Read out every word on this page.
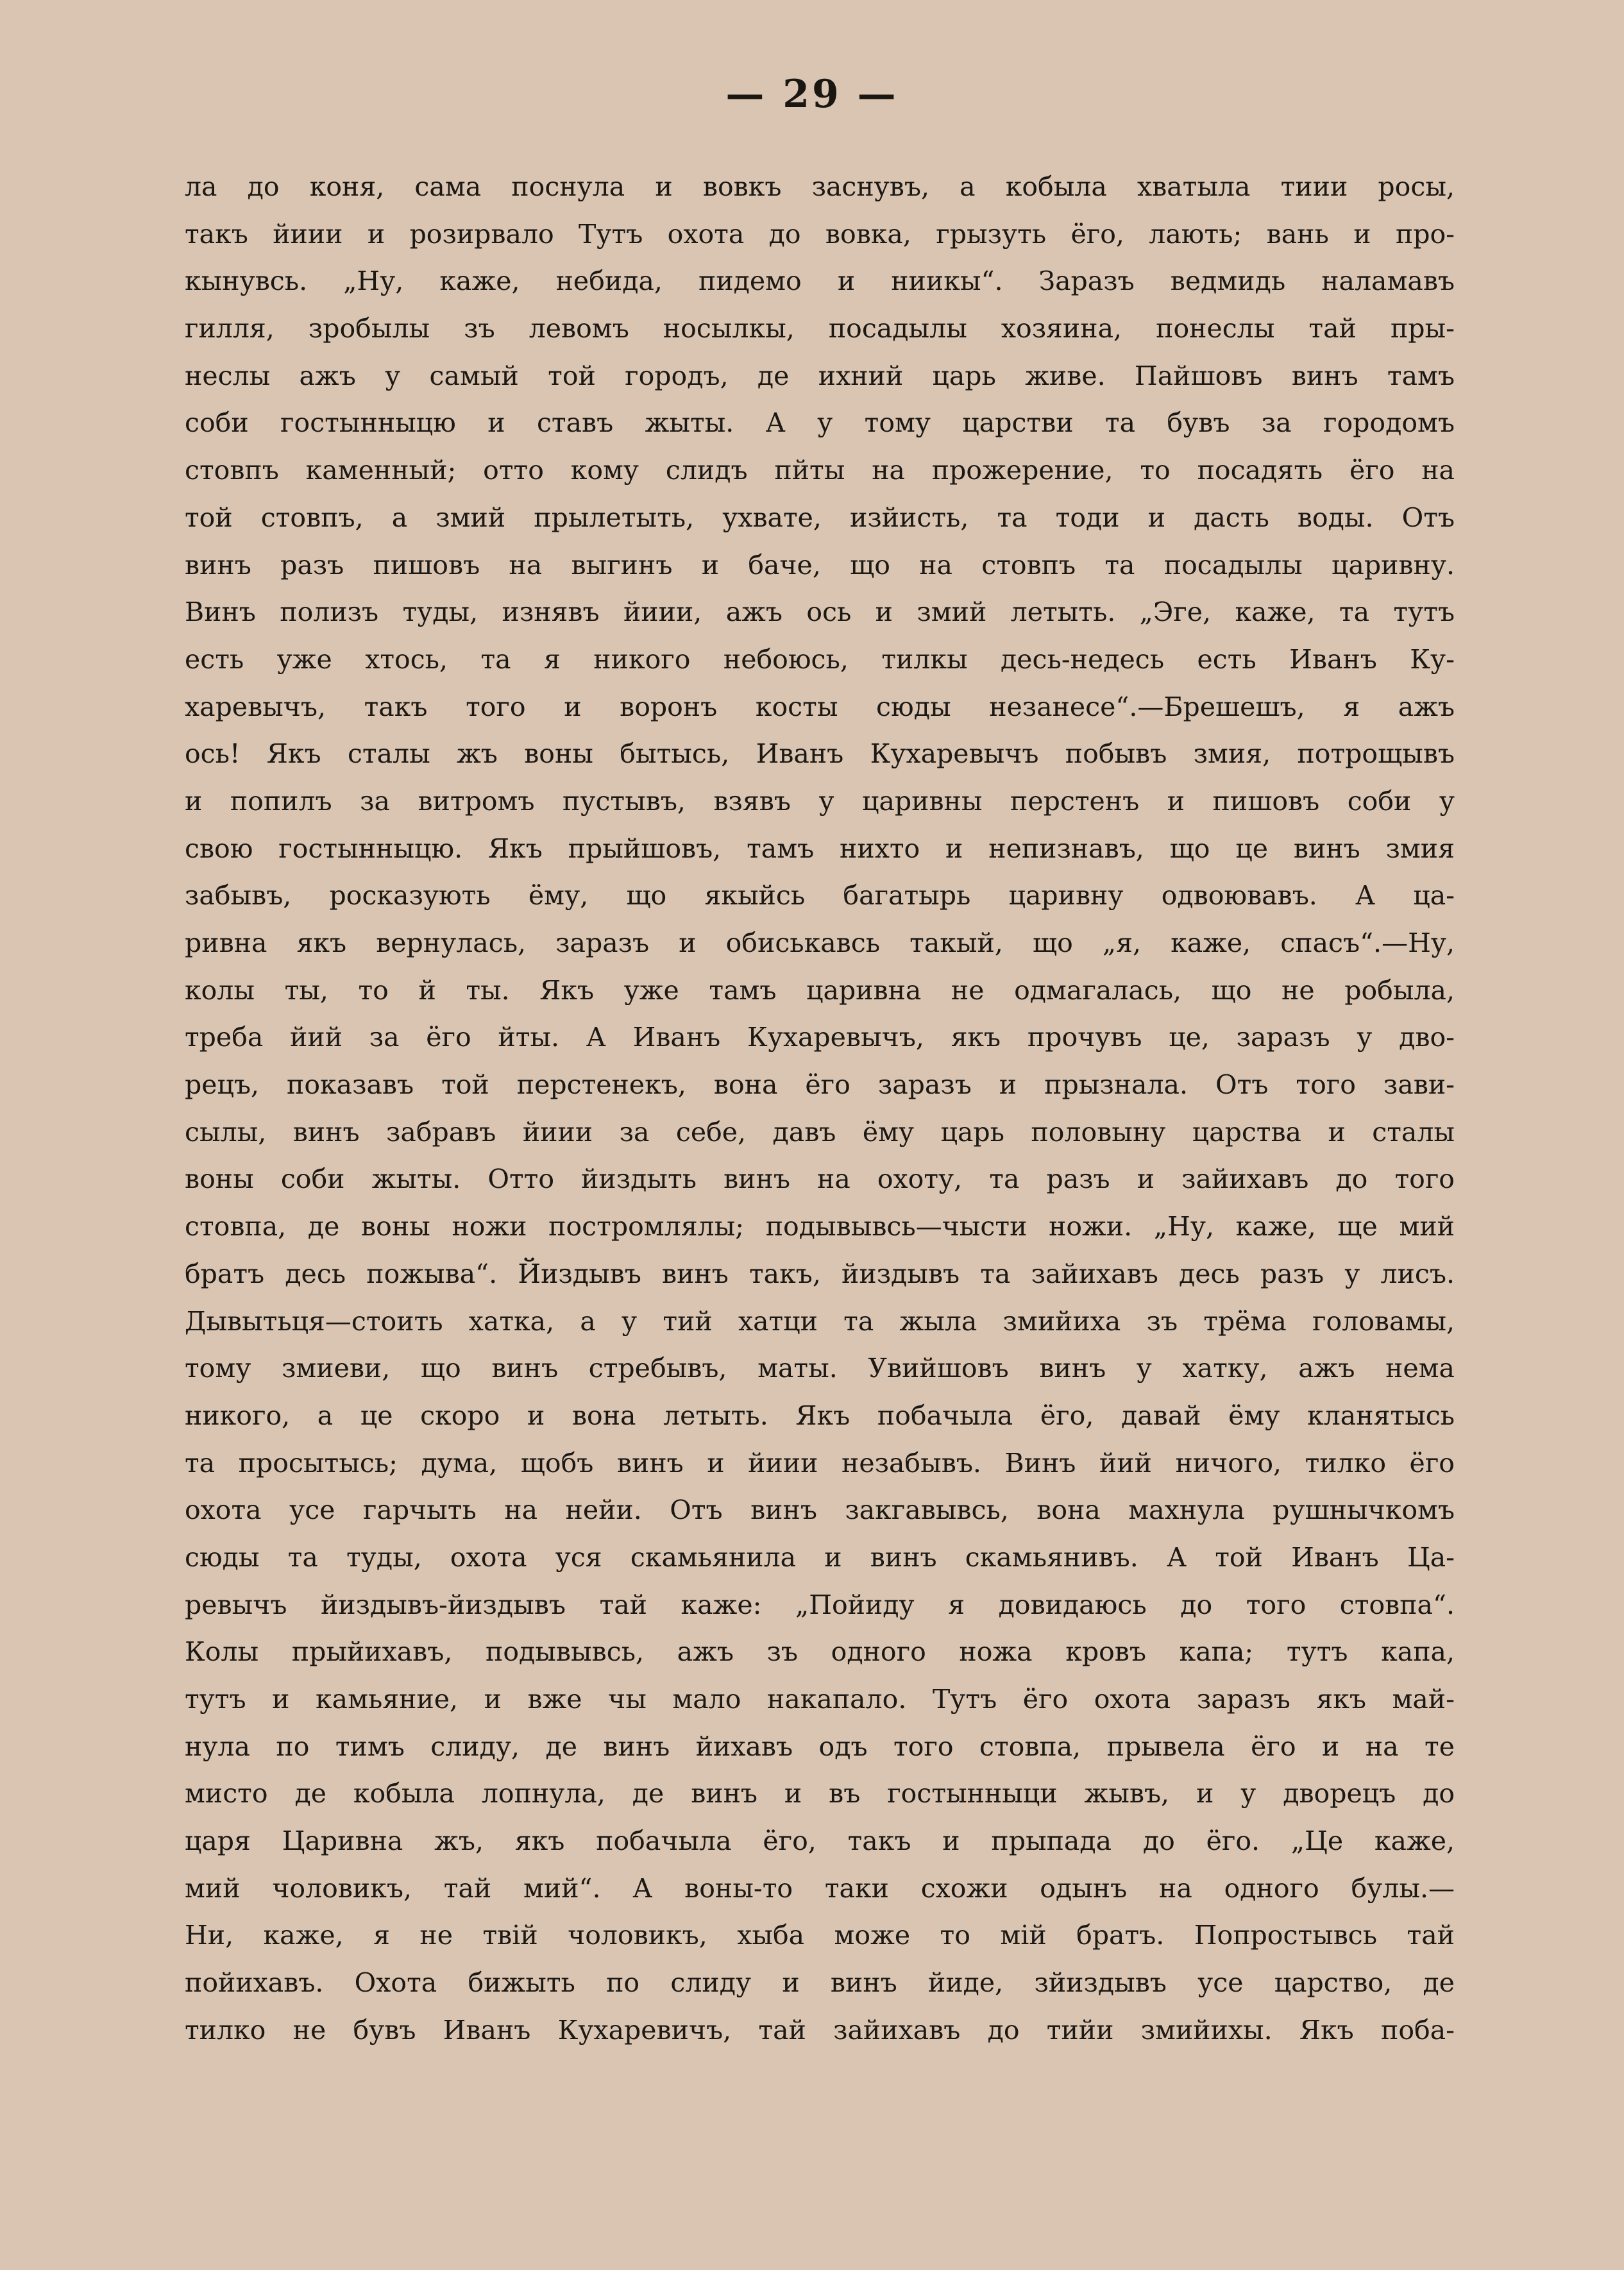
— 29 —
ла до коня, сама поснула и вовкъ заснувъ, а кобыла хватыла тиии росы,
такъ йиии и розирвало Тутъ охота до вовка, грызуть ёго, лають; вань и про-
кынувсь. „Ну, каже, небида, пидемо и ниикы“. Заразъ ведмидь наламавъ
гилля, зробылы зъ левомъ носылкы, посадылы хозяина, понеслы тай пры-
неслы ажъ у самый той городъ, де ихний царь живе. Пайшовъ винъ тамъ
соби гостынныцю и ставъ жыты. А у тому царстви та бувъ за городомъ
стовпъ каменный; отто кому слидъ пйты на прожерение, то посадять ёго на
той стовпъ, а змий прылетыть, ухвате, изйисть, та тоди и дасть воды. Отъ
винъ разъ пишовъ на выгинъ и баче, що на стовпъ та посадылы царивну.
Винъ полизъ туды, изнявъ йиии, ажъ ось и змий летыть. „Эге, каже, та тутъ
есть уже хтось, та я никого небоюсь, тилкы десь-недесь есть Иванъ Ку-
харевычъ, такъ того и воронъ косты сюды незанесе“.—Брешешъ, я ажъ
ось! Якъ сталы жъ воны бытысь, Иванъ Кухаревычъ побывъ змия, потрощывъ
и попилъ за витромъ пустывъ, взявъ у царивны перстенъ и пишовъ соби у
свою гостынныцю. Якъ прыйшовъ, тамъ нихто и непизнавъ, що це винъ змия
забывъ, росказують ёму, що якыйсь багатырь царивну одвоювавъ. А ца-
ривна якъ вернулась, заразъ и обиськавсь такый, що „я, каже, спасъ“.—Ну,
колы ты, то й ты. Якъ уже тамъ царивна не одмагалась, що не робыла,
треба йий за ёго йты. А Иванъ Кухаревычъ, якъ прочувъ це, заразъ у дво-
рецъ, показавъ той перстенекъ, вона ёго заразъ и прызнала. Отъ того зави-
сылы, винъ забравъ йиии за себе, давъ ёму царь половыну царства и сталы
воны соби жыты. Отто йиздыть винъ на охоту, та разъ и зайихавъ до того
стовпа, де воны ножи постромлялы; подывывсь—чысти ножи. „Ну, каже, ще мий
братъ десь пожыва“. Йиздывъ винъ такъ, йиздывъ та зайихавъ десь разъ у лисъ.
Дывытьця—стоить хатка, а у тий хатци та жыла змийиха зъ трёма головамы,
тому змиеви, що винъ стребывъ, маты. Увийшовъ винъ у хатку, ажъ нема
никого, а це скоро и вона летыть. Якъ побачыла ёго, давай ёму кланятысь
та просытысь; дума, щобъ винъ и йиии незабывъ. Винъ йий ничого, тилко ёго
охота усе гарчыть на нейи. Отъ винъ закгавывсь, вона махнула рушнычкомъ
сюды та туды, охота уся скамьянила и винъ скамьянивъ. А той Иванъ Ца-
ревычъ йиздывъ-йиздывъ тай каже: „Пойиду я довидаюсь до того стовпа“.
Колы прыйихавъ, подывывсь, ажъ зъ одного ножа кровъ капа; тутъ капа,
тутъ и камьяние, и вже чы мало накапало. Тутъ ёго охота заразъ якъ май-
нула по тимъ слиду, де винъ йихавъ одъ того стовпа, прывела ёго и на те
мисто де кобыла лопнула, де винъ и въ гостынныци жывъ, и у дворецъ до
царя Царивна жъ, якъ побачыла ёго, такъ и прыпада до ёго. „Це каже,
мий чоловикъ, тай мий“. А воны-то таки схожи одынъ на одного булы.—
Ни, каже, я не твій чоловикъ, хыба може то мій братъ. Попростывсь тай
пойихавъ. Охота бижыть по слиду и винъ йиде, зйиздывъ усе царство, де
тилко не бувъ Иванъ Кухаревичъ, тай зайихавъ до тийи змийихы. Якъ поба-
